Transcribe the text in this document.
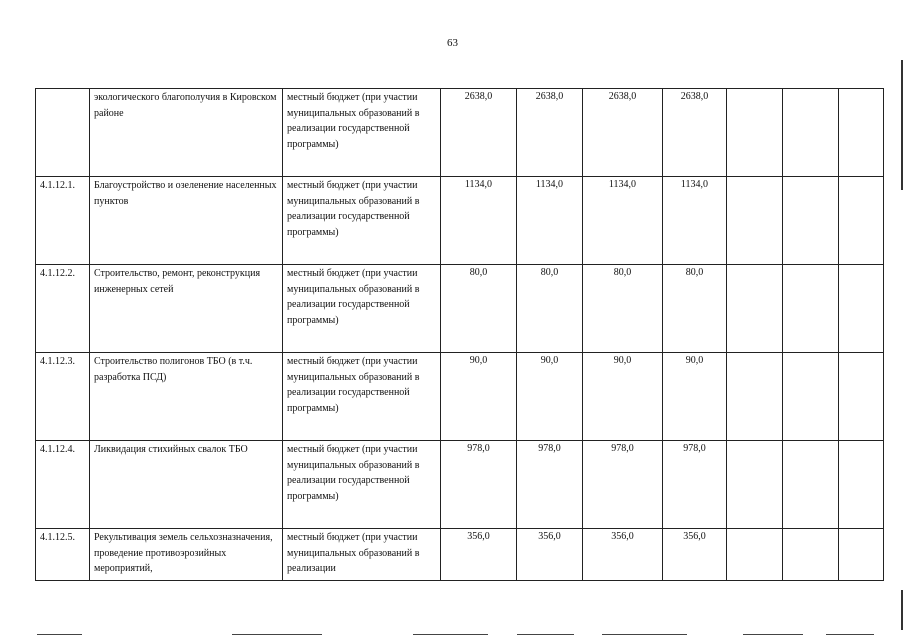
63
	экологического благополучия в Кировском районе	местный бюджет (при участии муниципальных образований в реализации государственной программы)	2638,0	2638,0	2638,0	2638,0			
4.1.12.1.	Благоустройство и озеленение населенных пунктов	местный бюджет (при участии муниципальных образований в реализации государственной программы)	1134,0	1134,0	1134,0	1134,0			
4.1.12.2.	Строительство, ремонт, реконструкция инженерных сетей	местный бюджет (при участии муниципальных образований в реализации государственной программы)	80,0	80,0	80,0	80,0			
4.1.12.3.	Строительство полигонов ТБО (в т.ч. разработка ПСД)	местный бюджет (при участии муниципальных образований в реализации государственной программы)	90,0	90,0	90,0	90,0			
4.1.12.4.	Ликвидация стихийных свалок ТБО	местный бюджет (при участии муниципальных образований в реализации государственной программы)	978,0	978,0	978,0	978,0			
4.1.12.5.	Рекультивация земель сельхозназначения, проведение противоэрозийных мероприятий,	местный бюджет (при участии муниципальных образований в реализации	356,0	356,0	356,0	356,0			
